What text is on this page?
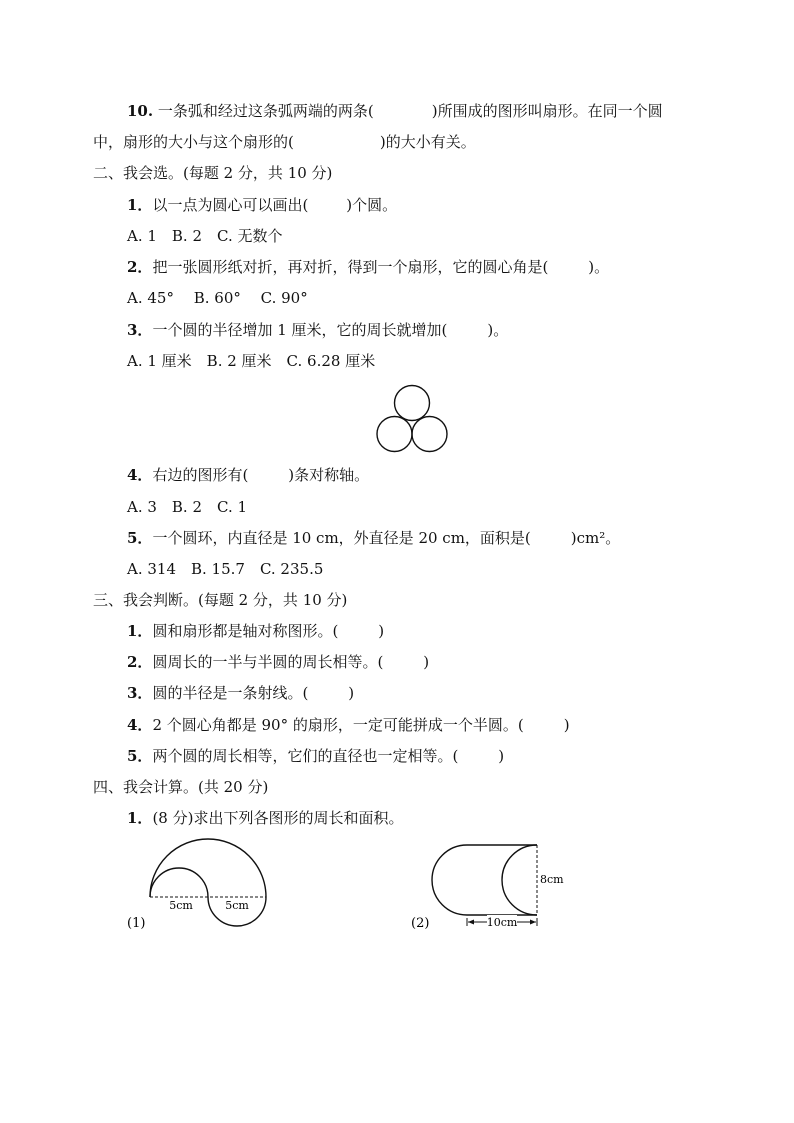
10. 一条弧和经过这条弧两端的两条(	)所围成的图形叫扇形。在同一个圆
中，扇形的大小与这个扇形的(	)的大小有关。
二、我会选。(每题 2 分，共 10 分)
1．以一点为圆心可以画出(	)个圆。
A. 1　B. 2　C. 无数个
2．把一张圆形纸对折，再对折，得到一个扇形，它的圆心角是(	)。
A. 45°　 B. 60°　 C. 90°
3．一个圆的半径增加 1 厘米，它的周长就增加(	)。
A. 1 厘米　B. 2 厘米　C. 6.28 厘米
4．右边的图形有(	)条对称轴。
A. 3　B. 2　C. 1
5．一个圆环，内直径是 10 cm，外直径是 20 cm，面积是(	)cm²。
A. 314　B. 15.7　C. 235.5
三、我会判断。(每题 2 分，共 10 分)
1．圆和扇形都是轴对称图形。(	)
2．圆周长的一半与半圆的周长相等。(	)
3．圆的半径是一条射线。(	)
4．2 个圆心角都是 90° 的扇形，一定可能拼成一个半圆。(	)
5．两个圆的周长相等，它们的直径也一定相等。(	)
四、我会计算。(共 20 分)
1．(8 分)求出下列各图形的周长和面积。
5cm	5cm
(1)
8cm
10cm
(2)
